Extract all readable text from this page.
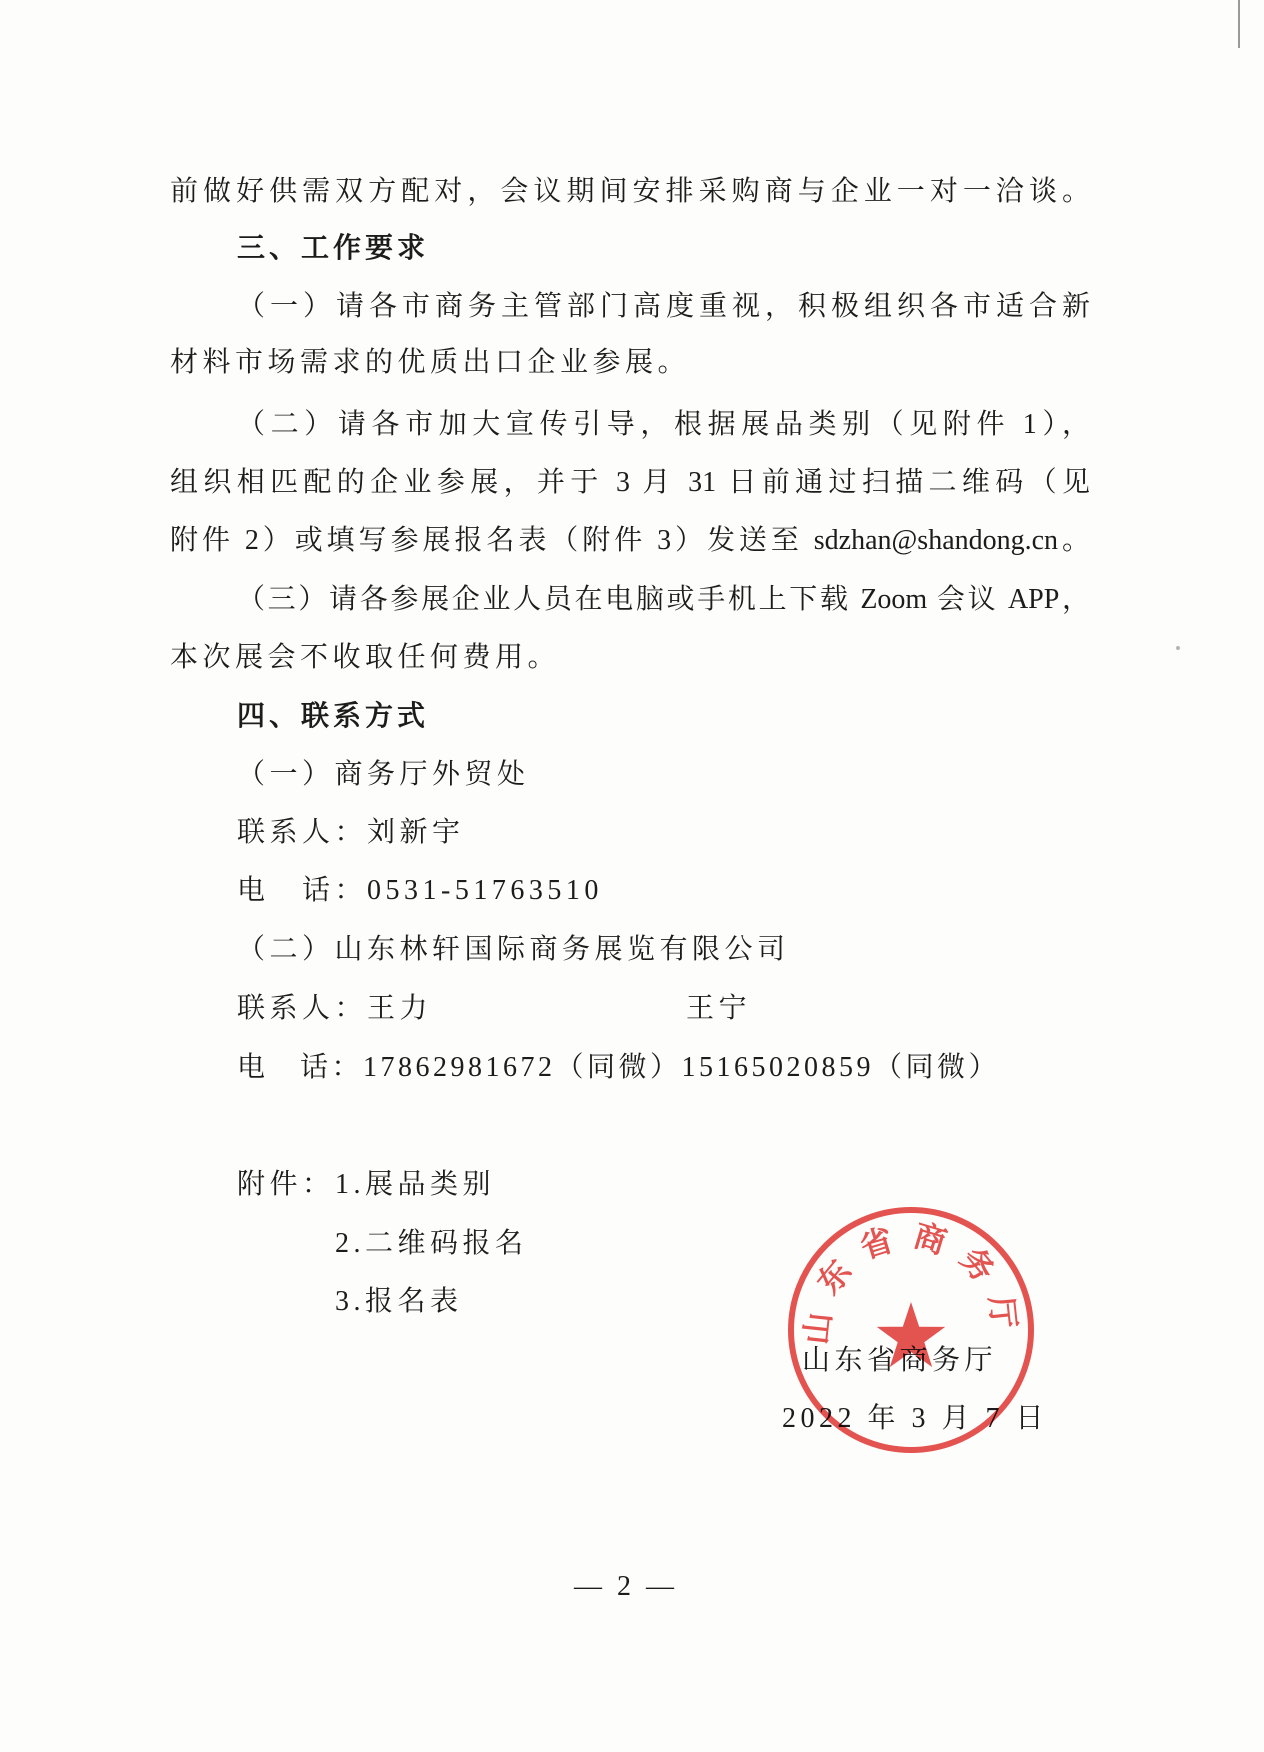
前做好供需双方配对，会议期间安排采购商与企业一对一洽谈。
三、工作要求
（一）请各市商务主管部门高度重视，积极组织各市适合新
材料市场需求的优质出口企业参展。
（二）请各市加大宣传引导，根据展品类别（见附件 1），
组织相匹配的企业参展，并于 3 月 31 日前通过扫描二维码（见
附件 2）或填写参展报名表（附件 3）发送至 sdzhan@shandong.cn。
（三）请各参展企业人员在电脑或手机上下载 Zoom 会议 APP，
本次展会不收取任何费用。
四、联系方式
（一）商务厅外贸处
联系人：刘新宇
电　话：0531-51763510
（二）山东林轩国际商务展览有限公司
联系人：王力	王宁
电　话：17862981672（同微）15165020859（同微）
附件： 1.展品类别
2.二维码报名
3.报名表
山东省商务厅
2022 年 3 月 7 日
山东省商务厅
— 2 —
